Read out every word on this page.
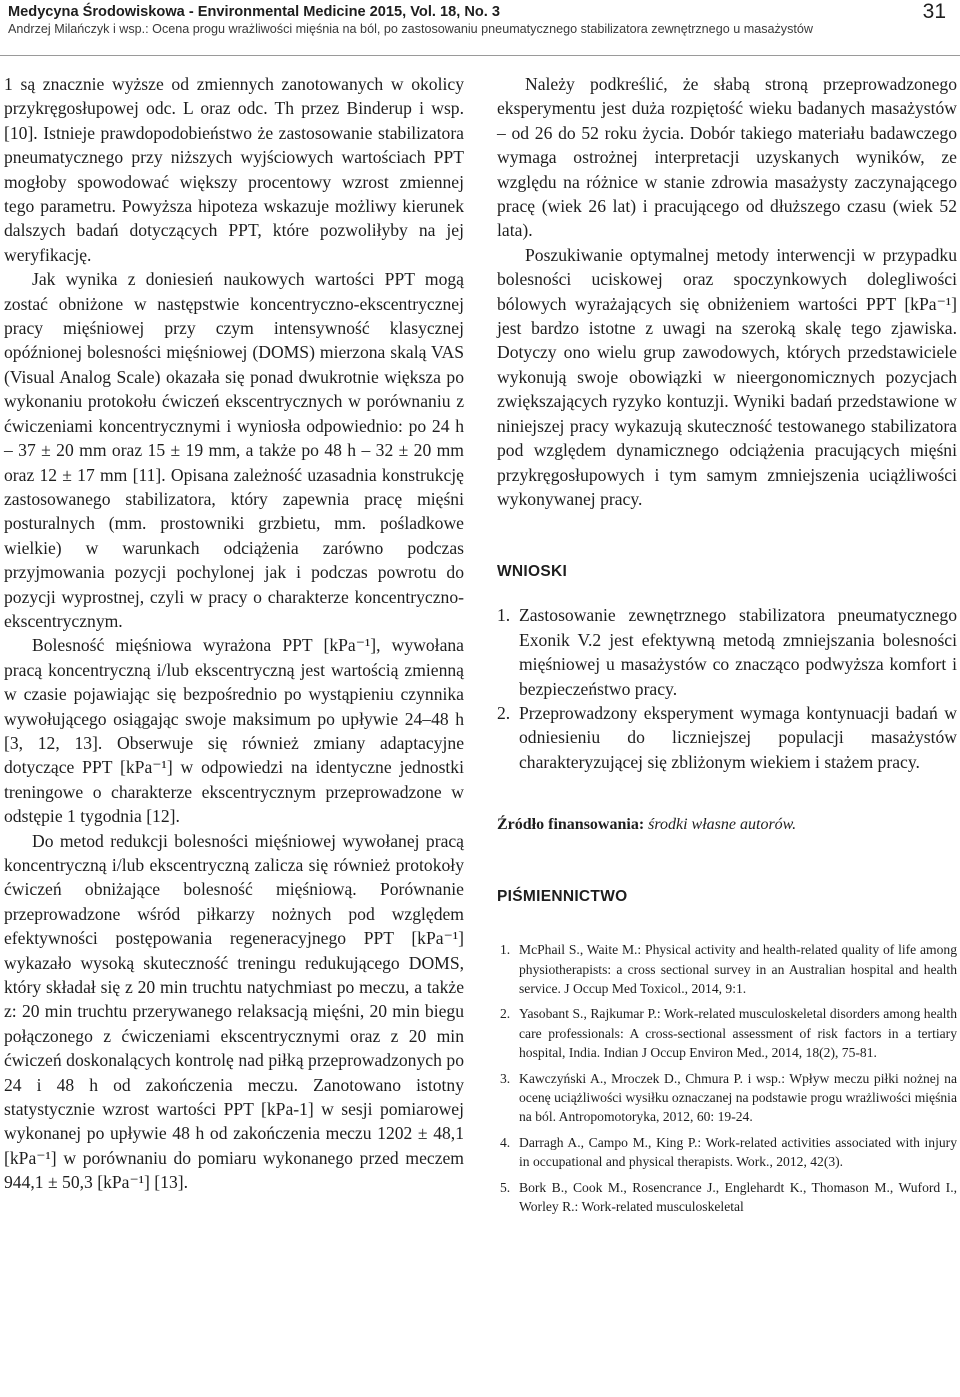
Medycyna Środowiskowa - Environmental Medicine 2015, Vol. 18, No. 3
Andrzej Milańczyk i wsp.: Ocena progu wrażliwości mięśnia na ból, po zastosowaniu pneumatycznego stabilizatora zewnętrznego u masażystów
31

1 są znacznie wyższe od zmiennych zanotowanych w okolicy przykręgosłupowej odc. L oraz odc. Th przez Binderup i wsp. [10]. Istnieje prawdopodobieństwo że zastosowanie stabilizatora pneumatycznego przy niższych wyjściowych wartościach PPT mogłoby spowodować większy procentowy wzrost zmiennej tego parametru. Powyższa hipoteza wskazuje możliwy kierunek dalszych badań dotyczących PPT, które pozwoliłyby na jej weryfikację.

Jak wynika z doniesień naukowych wartości PPT mogą zostać obniżone w następstwie koncentryczno-ekscentrycznej pracy mięśniowej przy czym intensywność klasycznej opóźnionej bolesności mięśniowej (DOMS) mierzona skalą VAS (Visual Analog Scale) okazała się ponad dwukrotnie większa po wykonaniu protokołu ćwiczeń ekscentrycznych w porównaniu z ćwiczeniami koncentrycznymi i wyniosła odpowiednio: po 24 h – 37 ± 20 mm oraz 15 ± 19 mm, a także po 48 h – 32 ± 20 mm oraz 12 ± 17 mm [11]. Opisana zależność uzasadnia konstrukcję zastosowanego stabilizatora, który zapewnia pracę mięśni posturalnych (mm. prostowniki grzbietu, mm. pośladkowe wielkie) w warunkach odciążenia zarówno podczas przyjmowania pozycji pochylonej jak i podczas powrotu do pozycji wyprostnej, czyli w pracy o charakterze koncentryczno-ekscentrycznym.

Bolesność mięśniowa wyrażona PPT [kPa⁻¹], wywołana pracą koncentryczną i/lub ekscentryczną jest wartością zmienną w czasie pojawiając się bezpośrednio po wystąpieniu czynnika wywołującego osiągając swoje maksimum po upływie 24–48 h [3, 12, 13]. Obserwuje się również zmiany adaptacyjne dotyczące PPT [kPa⁻¹] w odpowiedzi na identyczne jednostki treningowe o charakterze ekscentrycznym przeprowadzone w odstępie 1 tygodnia [12].

Do metod redukcji bolesności mięśniowej wywołanej pracą koncentryczną i/lub ekscentryczną zalicza się również protokoły ćwiczeń obniżające bolesność mięśniową. Porównanie przeprowadzone wśród piłkarzy nożnych pod względem efektywności postępowania regeneracyjnego PPT [kPa⁻¹] wykazało wysoką skuteczność treningu redukującego DOMS, który składał się z 20 min truchtu natychmiast po meczu, a także z: 20 min truchtu przerywanego relaksacją mięśni, 20 min biegu połączonego z ćwiczeniami ekscentrycznymi oraz z 20 min ćwiczeń doskonalących kontrolę nad piłką przeprowadzonych po 24 i 48 h od zakończenia meczu. Zanotowano istotny statystycznie wzrost wartości PPT [kPa-1] w sesji pomiarowej wykonanej po upływie 48 h od zakończenia meczu 1202 ± 48,1 [kPa⁻¹] w porównaniu do pomiaru wykonanego przed meczem 944,1 ± 50,3 [kPa⁻¹] [13].

Należy podkreślić, że słabą stroną przeprowadzonego eksperymentu jest duża rozpiętość wieku badanych masażystów – od 26 do 52 roku życia. Dobór takiego materiału badawczego wymaga ostrożnej interpretacji uzyskanych wyników, ze względu na różnice w stanie zdrowia masażysty zaczynającego pracę (wiek 26 lat) i pracującego od dłuższego czasu (wiek 52 lata).

Poszukiwanie optymalnej metody interwencji w przypadku bolesności uciskowej oraz spoczynkowych dolegliwości bólowych wyrażających się obniżeniem wartości PPT [kPa⁻¹] jest bardzo istotne z uwagi na szeroką skalę tego zjawiska. Dotyczy ono wielu grup zawodowych, których przedstawiciele wykonują swoje obowiązki w nieergonomicznych pozycjach zwiększających ryzyko kontuzji. Wyniki badań przedstawione w niniejszej pracy wykazują skuteczność testowanego stabilizatora pod względem dynamicznego odciążenia pracujących mięśni przykręgosłupowych i tym samym zmniejszenia uciążliwości wykonywanej pracy.

WNIOSKI
1. Zastosowanie zewnętrznego stabilizatora pneumatycznego Exonik V.2 jest efektywną metodą zmniejszania bolesności mięśniowej u masażystów co znacząco podwyższa komfort i bezpieczeństwo pracy.
2. Przeprowadzony eksperyment wymaga kontynuacji badań w odniesieniu do liczniejszej populacji masażystów charakteryzującej się zbliżonym wiekiem i stażem pracy.

Źródło finansowania: środki własne autorów.

PIŚMIENNICTWO
1. McPhail S., Waite M.: Physical activity and health-related quality of life among physiotherapists: a cross sectional survey in an Australian hospital and health service. J Occup Med Toxicol., 2014, 9:1.
2. Yasobant S., Rajkumar P.: Work-related musculoskeletal disorders among health care professionals: A cross-sectional assessment of risk factors in a tertiary hospital, India. Indian J Occup Environ Med., 2014, 18(2), 75-81.
3. Kawczyński A., Mroczek D., Chmura P. i wsp.: Wpływ meczu piłki nożnej na ocenę uciążliwości wysiłku oznaczanej na podstawie progu wrażliwości mięśnia na ból. Antropomotoryka, 2012, 60: 19-24.
4. Darragh A., Campo M., King P.: Work-related activities associated with injury in occupational and physical therapists. Work., 2012, 42(3).
5. Bork B., Cook M., Rosencrance J., Englehardt K., Thomason M., Wuford I., Worley R.: Work-related musculoskeletal
